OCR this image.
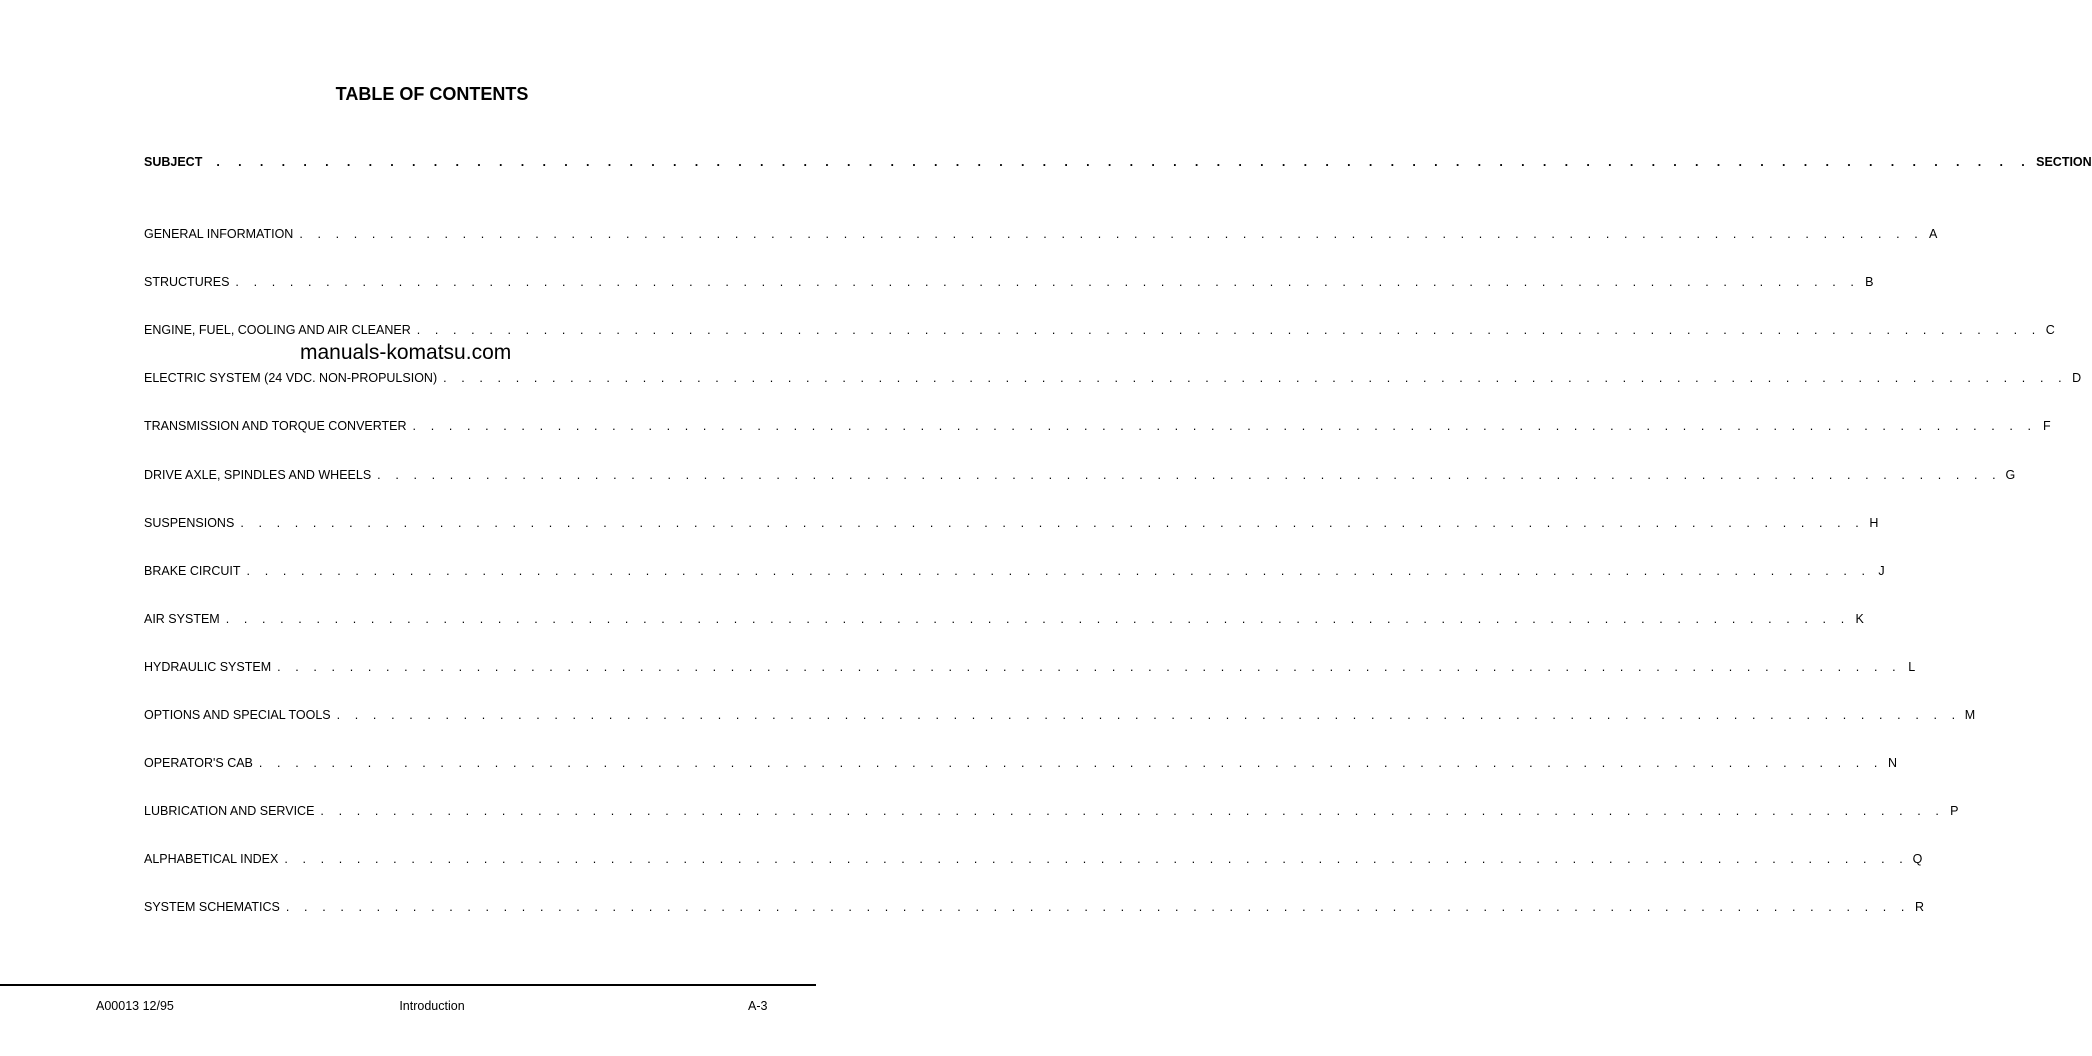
TABLE OF CONTENTS
SUBJECT	. . . . . . . . . . . . . . . . . . . . . . . . . . . . . . . . . . . . . . . . . . . . . . . . . . . . . . . . . . . . . . . . . . . . . . . . . . . . . . . . . . . . SECTION
GENERAL INFORMATION . . . . . . . . . . . . . . . . . . . . . . . . . . . . . . . . . . . . . . . . . . . . . . . . . . . . . . . . . . . . . . . . . . . . . . . . . . . . . . . . . . . . . . . . . . A
STRUCTURES . . . . . . . . . . . . . . . . . . . . . . . . . . . . . . . . . . . . . . . . . . . . . . . . . . . . . . . . . . . . . . . . . . . . . . . . . . . . . . . . . . . . . . . . . . B
ENGINE, FUEL, COOLING AND AIR CLEANER . . . . . . . . . . . . . . . . . . . . . . . . . . . . . . . . . . . . . . . . . . . . . . . . . . . . . . . . . . . . . . . . . . . . . . . . . . . . . . . . . . . . . . . . . . C
ELECTRIC SYSTEM (24 VDC. NON-PROPULSION) . . . . . . . . . . . . . . . . . . . . . . . . . . . . . . . . . . . . . . . . . . . . . . . . . . . . . . . . . . . . . . . . . . . . . . . . . . . . . . . . . . . . . . . . . . D
TRANSMISSION AND TORQUE CONVERTER . . . . . . . . . . . . . . . . . . . . . . . . . . . . . . . . . . . . . . . . . . . . . . . . . . . . . . . . . . . . . . . . . . . . . . . . . . . . . . . . . . . . . . . . . . F
DRIVE AXLE, SPINDLES AND WHEELS . . . . . . . . . . . . . . . . . . . . . . . . . . . . . . . . . . . . . . . . . . . . . . . . . . . . . . . . . . . . . . . . . . . . . . . . . . . . . . . . . . . . . . . . . . G
SUSPENSIONS . . . . . . . . . . . . . . . . . . . . . . . . . . . . . . . . . . . . . . . . . . . . . . . . . . . . . . . . . . . . . . . . . . . . . . . . . . . . . . . . . . . . . . . . . . H
BRAKE CIRCUIT . . . . . . . . . . . . . . . . . . . . . . . . . . . . . . . . . . . . . . . . . . . . . . . . . . . . . . . . . . . . . . . . . . . . . . . . . . . . . . . . . . . . . . . . . . J
AIR SYSTEM . . . . . . . . . . . . . . . . . . . . . . . . . . . . . . . . . . . . . . . . . . . . . . . . . . . . . . . . . . . . . . . . . . . . . . . . . . . . . . . . . . . . . . . . . . K
HYDRAULIC SYSTEM . . . . . . . . . . . . . . . . . . . . . . . . . . . . . . . . . . . . . . . . . . . . . . . . . . . . . . . . . . . . . . . . . . . . . . . . . . . . . . . . . . . . . . . . . . L
OPTIONS AND SPECIAL TOOLS . . . . . . . . . . . . . . . . . . . . . . . . . . . . . . . . . . . . . . . . . . . . . . . . . . . . . . . . . . . . . . . . . . . . . . . . . . . . . . . . . . . . . . . . . . M
OPERATOR'S CAB . . . . . . . . . . . . . . . . . . . . . . . . . . . . . . . . . . . . . . . . . . . . . . . . . . . . . . . . . . . . . . . . . . . . . . . . . . . . . . . . . . . . . . . . . . N
LUBRICATION AND SERVICE . . . . . . . . . . . . . . . . . . . . . . . . . . . . . . . . . . . . . . . . . . . . . . . . . . . . . . . . . . . . . . . . . . . . . . . . . . . . . . . . . . . . . . . . . . P
ALPHABETICAL INDEX . . . . . . . . . . . . . . . . . . . . . . . . . . . . . . . . . . . . . . . . . . . . . . . . . . . . . . . . . . . . . . . . . . . . . . . . . . . . . . . . . . . . . . . . . . Q
SYSTEM SCHEMATICS . . . . . . . . . . . . . . . . . . . . . . . . . . . . . . . . . . . . . . . . . . . . . . . . . . . . . . . . . . . . . . . . . . . . . . . . . . . . . . . . . . . . . . . . . . R
manuals-komatsu.com
A00013 12/95	Introduction	A-3
